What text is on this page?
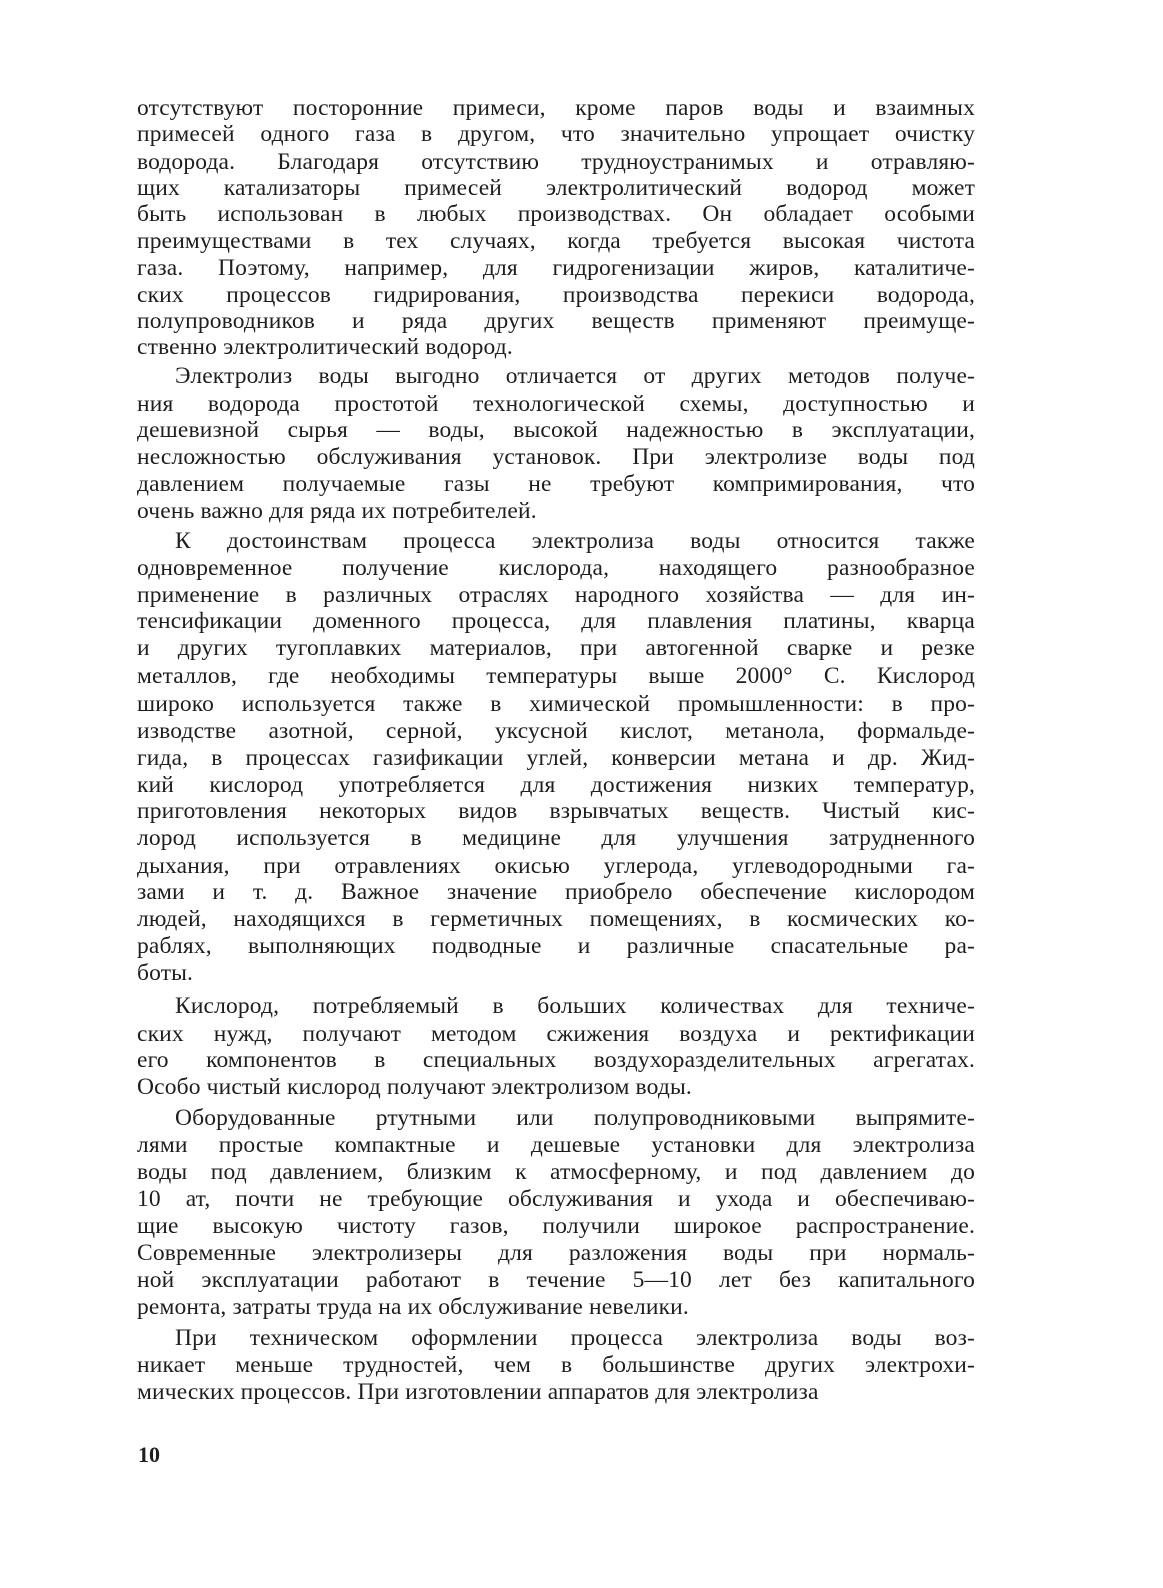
отсутствуют посторонние примеси, кроме паров воды и взаимных
примесей одного газа в другом, что значительно упрощает очистку
водорода. Благодаря отсутствию трудноустранимых и отравляю-
щих катализаторы примесей электролитический водород может
быть использован в любых производствах. Он обладает особыми
преимуществами в тех случаях, когда требуется высокая чистота
газа. Поэтому, например, для гидрогенизации жиров, каталитиче-
ских процессов гидрирования, производства перекиси водорода,
полупроводников и ряда других веществ применяют преимуще-
ственно электролитический водород.
Электролиз воды выгодно отличается от других методов получе-
ния водорода простотой технологической схемы, доступностью и
дешевизной сырья — воды, высокой надежностью в эксплуатации,
несложностью обслуживания установок. При электролизе воды под
давлением получаемые газы не требуют компримирования, что
очень важно для ряда их потребителей.
К достоинствам процесса электролиза воды относится также
одновременное получение кислорода, находящего разнообразное
применение в различных отраслях народного хозяйства — для ин-
тенсификации доменного процесса, для плавления платины, кварца
и других тугоплавких материалов, при автогенной сварке и резке
металлов, где необходимы температуры выше 2000° С. Кислород
широко используется также в химической промышленности: в про-
изводстве азотной, серной, уксусной кислот, метанола, формальде-
гида, в процессах газификации углей, конверсии метана и др. Жид-
кий кислород употребляется для достижения низких температур,
приготовления некоторых видов взрывчатых веществ. Чистый кис-
лород используется в медицине для улучшения затрудненного
дыхания, при отравлениях окисью углерода, углеводородными га-
зами и т. д. Важное значение приобрело обеспечение кислородом
людей, находящихся в герметичных помещениях, в космических ко-
раблях, выполняющих подводные и различные спасательные ра-
боты.
Кислород, потребляемый в больших количествах для техниче-
ских нужд, получают методом сжижения воздуха и ректификации
его компонентов в специальных воздухоразделительных агрегатах.
Особо чистый кислород получают электролизом воды.
Оборудованные ртутными или полупроводниковыми выпрямите-
лями простые компактные и дешевые установки для электролиза
воды под давлением, близким к атмосферному, и под давлением до
10 ат, почти не требующие обслуживания и ухода и обеспечиваю-
щие высокую чистоту газов, получили широкое распространение.
Современные электролизеры для разложения воды при нормаль-
ной эксплуатации работают в течение 5—10 лет без капитального
ремонта, затраты труда на их обслуживание невелики.
При техническом оформлении процесса электролиза воды воз-
никает меньше трудностей, чем в большинстве других электрохи-
мических процессов. При изготовлении аппаратов для электролиза
10
